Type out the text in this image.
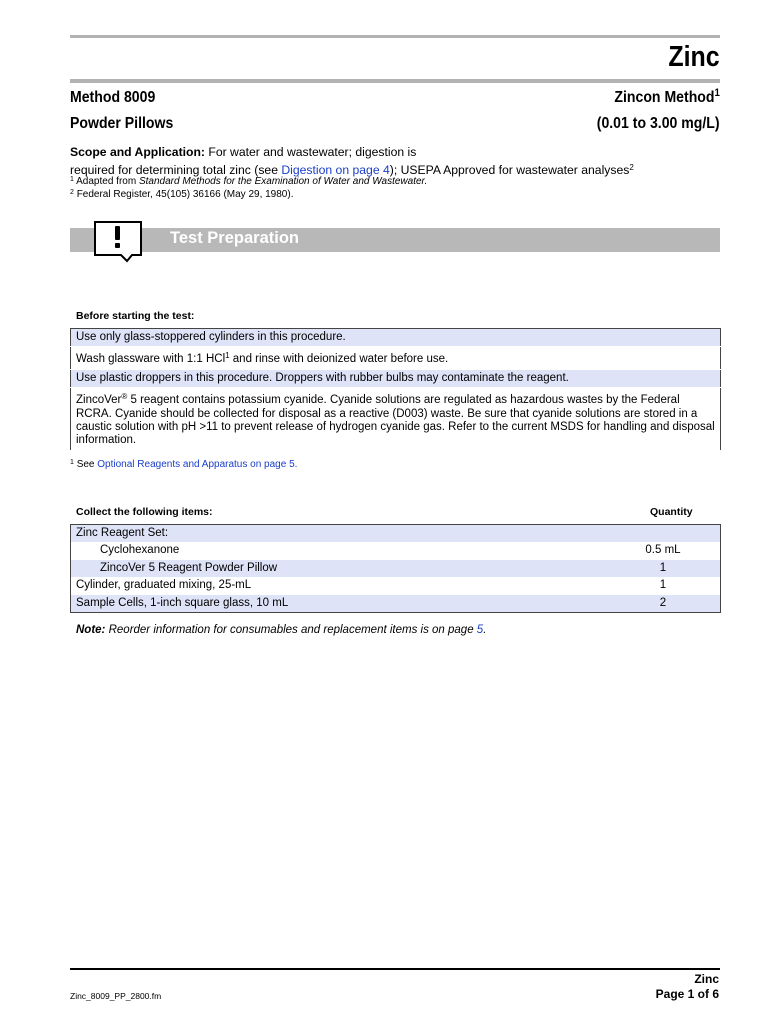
Zinc
Method 8009	Zincon Method$^1$
Powder Pillows	(0.01 to 3.00 mg/L)
Scope and Application: For water and wastewater; digestion is
required for determining total zinc (see Digestion on page 4); USEPA Approved for wastewater analyses$^2$
$^1$ Adapted from Standard Methods for the Examination of Water and Wastewater.
$^2$ Federal Register, 45(105) 36166 (May 29, 1980).
Test Preparation
Before starting the test:
Use only glass-stoppered cylinders in this procedure.
Wash glassware with 1:1 HCl$^1$ and rinse with deionized water before use.
Use plastic droppers in this procedure. Droppers with rubber bulbs may contaminate the reagent.
ZincoVer® 5 reagent contains potassium cyanide. Cyanide solutions are regulated as hazardous wastes by the Federal RCRA. Cyanide should be collected for disposal as a reactive (D003) waste. Be sure that cyanide solutions are stored in a caustic solution with pH >11 to prevent release of hydrogen cyanide gas. Refer to the current MSDS for handling and disposal information.
$^1$ See Optional Reagents and Apparatus on page 5.
Collect the following items:	Quantity
Zinc Reagent Set:	
Cyclohexanone	0.5 mL
ZincoVer 5 Reagent Powder Pillow	1
Cylinder, graduated mixing, 25-mL	1
Sample Cells, 1-inch square glass, 10 mL	2
Note: Reorder information for consumables and replacement items is on page 5.
Zinc
Page 1 of 6
Zinc_8009_PP_2800.fm
